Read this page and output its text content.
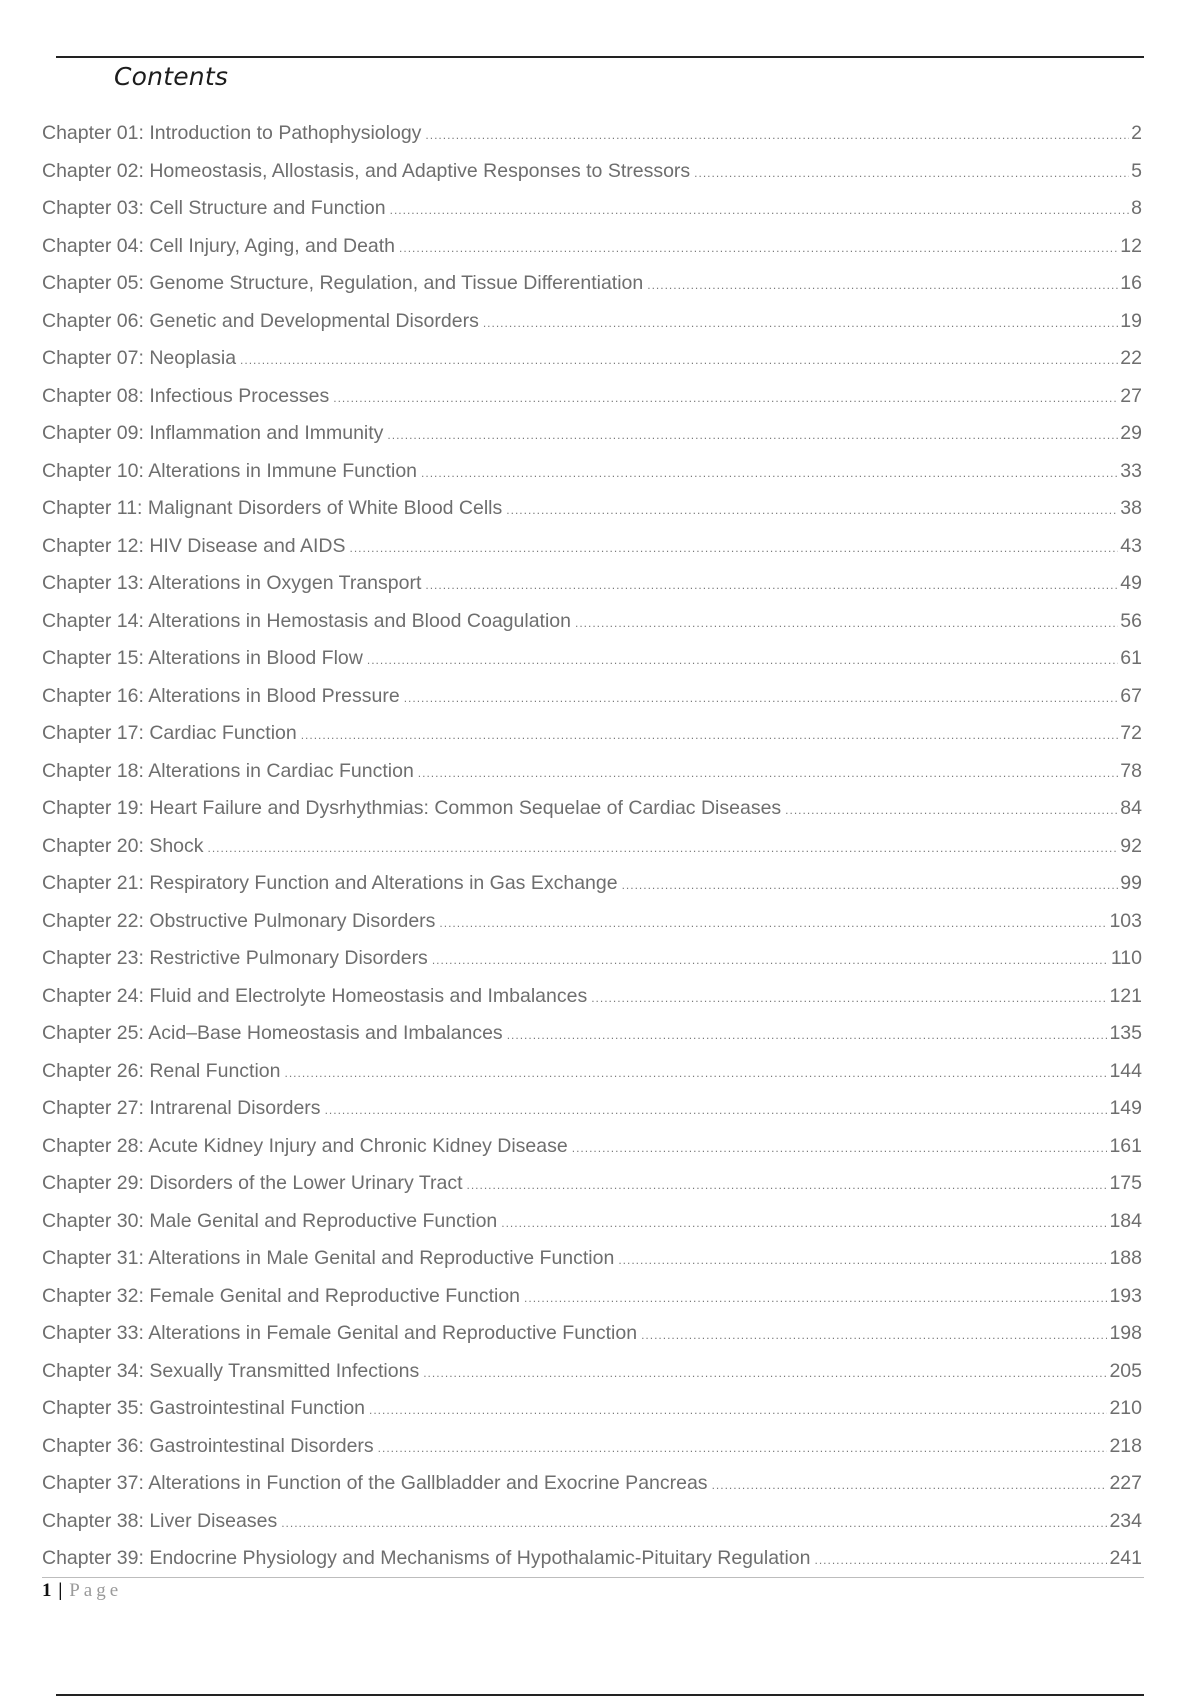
Contents
Chapter 01: Introduction to Pathophysiology .....	2
Chapter 02: Homeostasis, Allostasis, and Adaptive Responses to Stressors .....	5
Chapter 03: Cell Structure and Function .....	8
Chapter 04: Cell Injury, Aging, and Death .....	12
Chapter 05: Genome Structure, Regulation, and Tissue Differentiation .....	16
Chapter 06: Genetic and Developmental Disorders .....	19
Chapter 07: Neoplasia .....	22
Chapter 08: Infectious Processes .....	27
Chapter 09: Inflammation and Immunity .....	29
Chapter 10: Alterations in Immune Function .....	33
Chapter 11: Malignant Disorders of White Blood Cells .....	38
Chapter 12: HIV Disease and AIDS .....	43
Chapter 13: Alterations in Oxygen Transport .....	49
Chapter 14: Alterations in Hemostasis and Blood Coagulation .....	56
Chapter 15: Alterations in Blood Flow .....	61
Chapter 16: Alterations in Blood Pressure .....	67
Chapter 17: Cardiac Function .....	72
Chapter 18: Alterations in Cardiac Function .....	78
Chapter 19: Heart Failure and Dysrhythmias: Common Sequelae of Cardiac Diseases .....	84
Chapter 20: Shock .....	92
Chapter 21: Respiratory Function and Alterations in Gas Exchange .....	99
Chapter 22: Obstructive Pulmonary Disorders .....	103
Chapter 23: Restrictive Pulmonary Disorders .....	110
Chapter 24: Fluid and Electrolyte Homeostasis and Imbalances .....	121
Chapter 25: Acid–Base Homeostasis and Imbalances .....	135
Chapter 26: Renal Function .....	144
Chapter 27: Intrarenal Disorders .....	149
Chapter 28: Acute Kidney Injury and Chronic Kidney Disease .....	161
Chapter 29: Disorders of the Lower Urinary Tract .....	175
Chapter 30: Male Genital and Reproductive Function .....	184
Chapter 31: Alterations in Male Genital and Reproductive Function .....	188
Chapter 32: Female Genital and Reproductive Function .....	193
Chapter 33: Alterations in Female Genital and Reproductive Function .....	198
Chapter 34: Sexually Transmitted Infections .....	205
Chapter 35: Gastrointestinal Function .....	210
Chapter 36: Gastrointestinal Disorders .....	218
Chapter 37: Alterations in Function of the Gallbladder and Exocrine Pancreas .....	227
Chapter 38: Liver Diseases .....	234
Chapter 39: Endocrine Physiology and Mechanisms of Hypothalamic-Pituitary Regulation .....	241
1 | Page
